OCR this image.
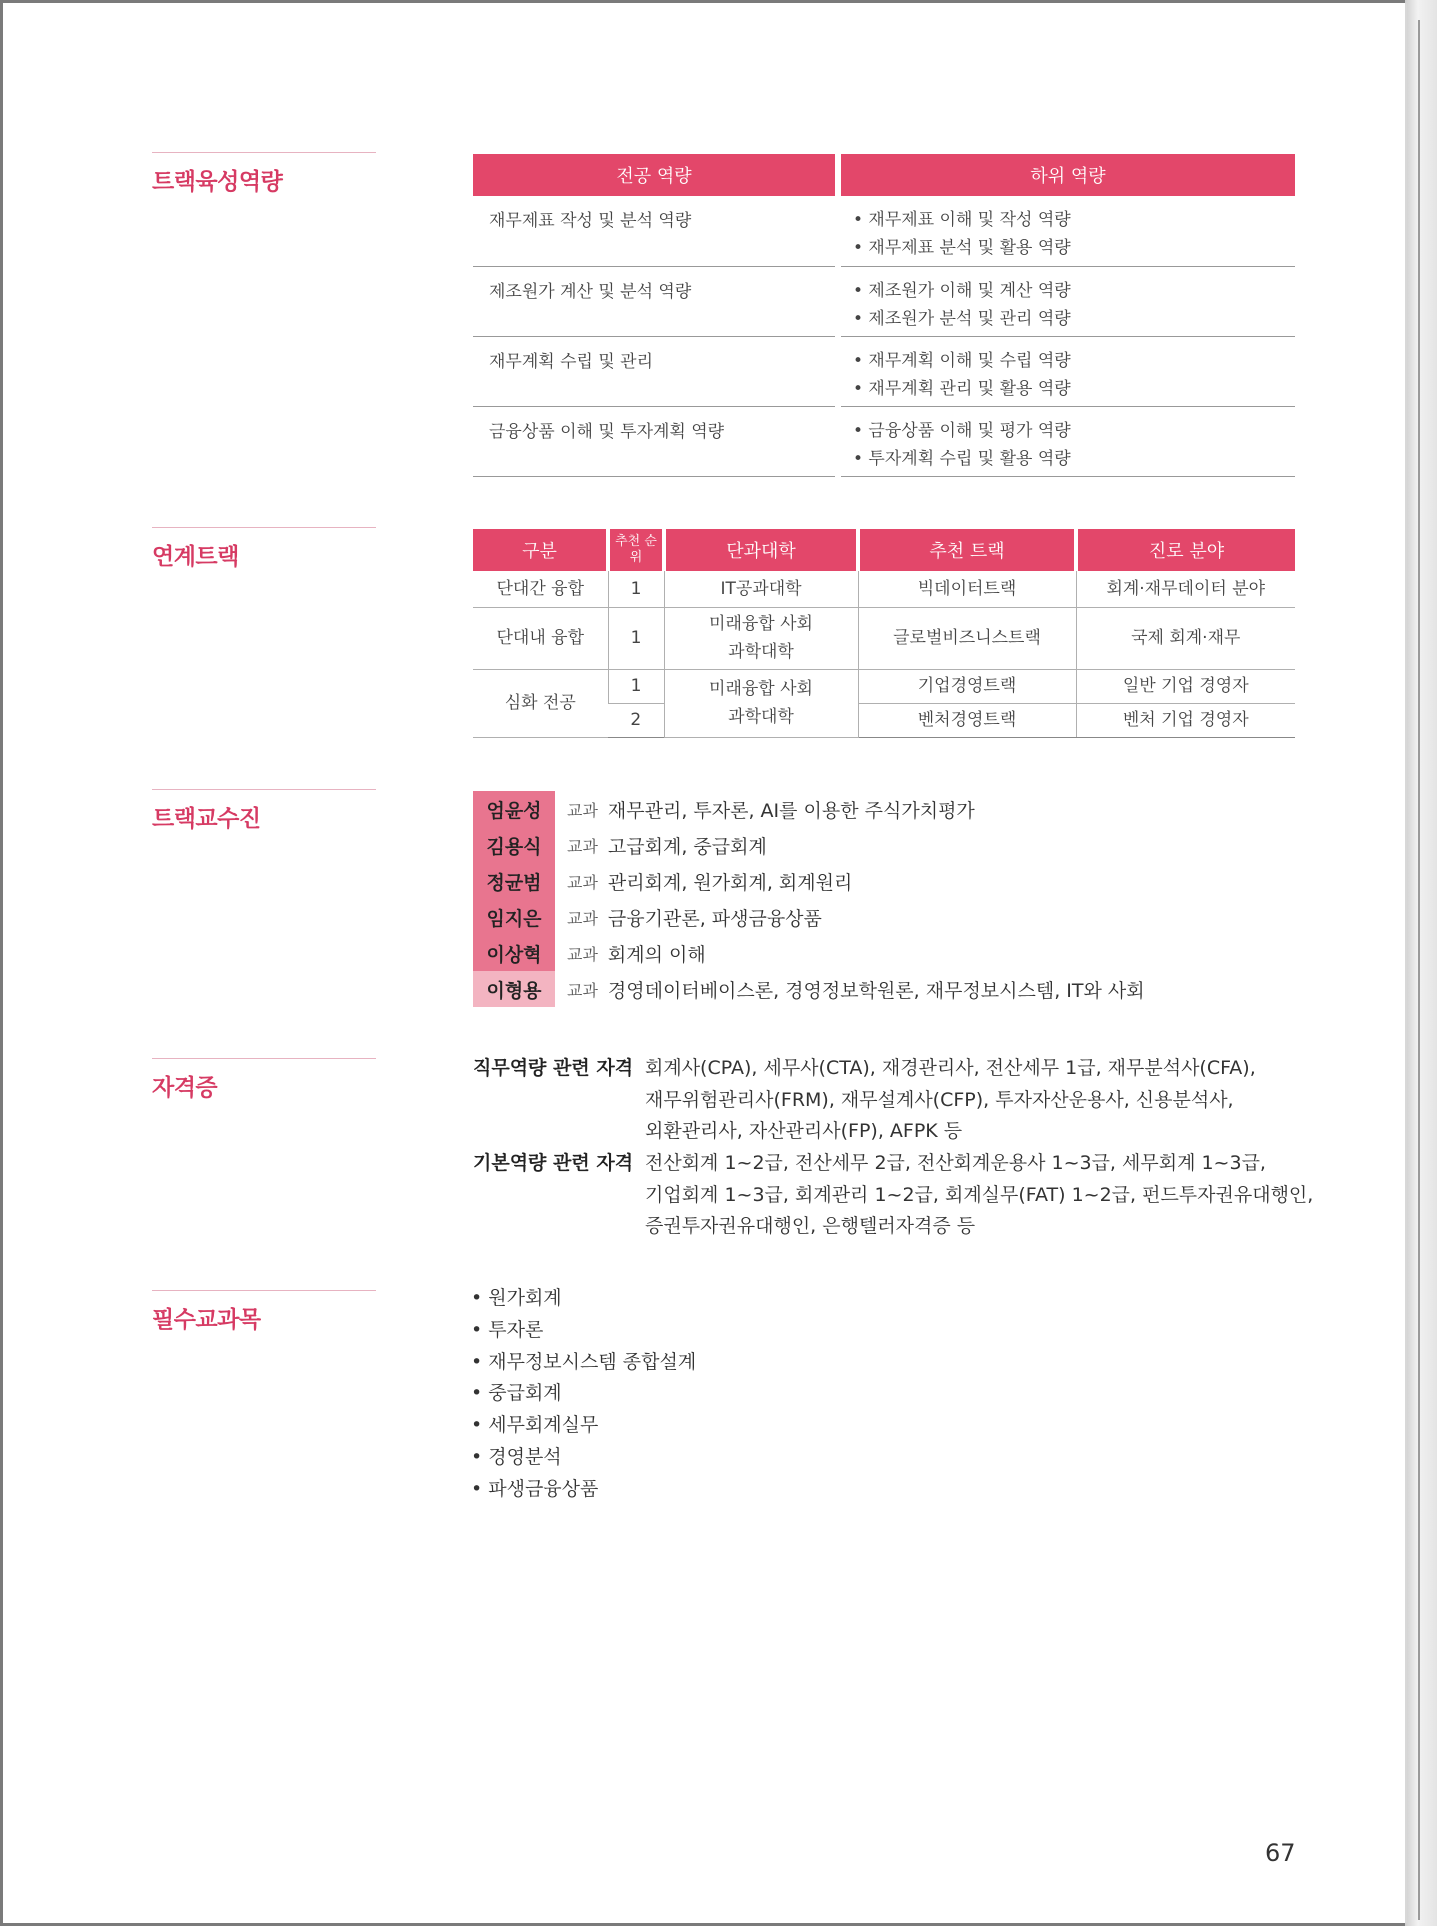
트랙육성역량	전공 역량		하위 역량
재무제표 작성 및 분석 역량		• 재무제표 이해 및 작성 역량
• 재무제표 분석 및 활용 역량

제조원가 계산 및 분석 역량		• 제조원가 이해 및 계산 역량
• 제조원가 분석 및 관리 역량

재무계획 수립 및 관리		• 재무계획 이해 및 수립 역량
• 재무계획 관리 및 활용 역량

금융상품 이해 및 투자계획 역량		• 금융상품 이해 및 평가 역량
• 투자계획 수립 및 활용 역량
연계트랙	구분	추천 순위	단과대학	추천 트랙	진로 분야
단대간 융합	1	IT공과대학	빅데이터트랙	회계·재무데이터 분야
단대내 융합	1	미래융합 사회과학대학	글로벌비즈니스트랙	국제 회계·재무
심화 전공	1	미래융합 사회과학대학	기업경영트랙	일반 기업 경영자
	2		벤처경영트랙	벤처 기업 경영자
트랙교수진	엄윤성	교과 재무관리, 투자론, AI를 이용한 주식가치평가
김용식	교과 고급회계, 중급회계
정균범	교과 관리회계, 원가회계, 회계원리
임지은	교과 금융기관론, 파생금융상품
이상혁	교과 회계의 이해
이형용	교과 경영데이터베이스론, 경영정보학원론, 재무정보시스템, IT와 사회
자격증
직무역량 관련 자격 회계사(CPA), 세무사(CTA), 재경관리사, 전산세무 1급, 재무분석사(CFA),
재무위험관리사(FRM), 재무설계사(CFP), 투자자산운용사, 신용분석사,
외환관리사, 자산관리사(FP), AFPK 등
기본역량 관련 자격 전산회계 1~2급, 전산세무 2급, 전산회계운용사 1~3급, 세무회계 1~3급,
기업회계 1~3급, 회계관리 1~2급, 회계실무(FAT) 1~2급, 펀드투자권유대행인,
증권투자권유대행인, 은행텔러자격증 등
필수교과목
• 원가회계
• 투자론
• 재무정보시스템 종합설계
• 중급회계
• 세무회계실무
• 경영분석
• 파생금융상품
67
